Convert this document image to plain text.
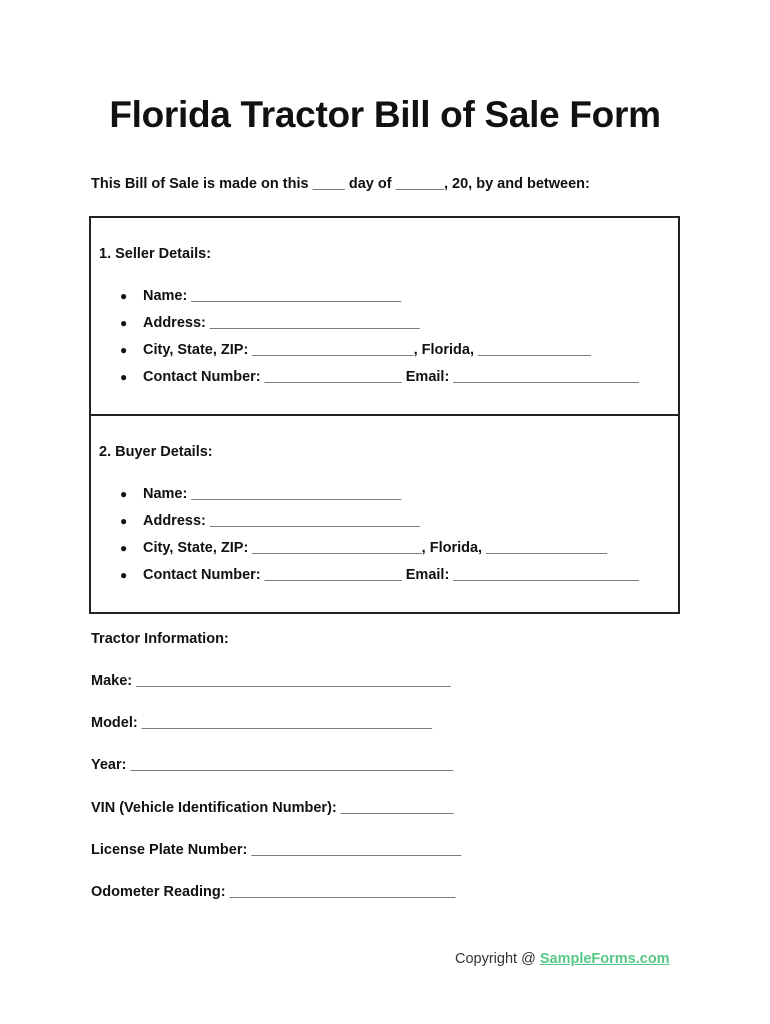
Florida Tractor Bill of Sale Form

This Bill of Sale is made on this ____ day of ______, 20, by and between:

1. Seller Details:

● Name: __________________________
● Address: __________________________
● City, State, ZIP: ____________________, Florida, ______________
● Contact Number: _________________ Email: _______________________

2. Buyer Details:

● Name: __________________________
● Address: __________________________
● City, State, ZIP: _____________________, Florida, _______________
● Contact Number: _________________ Email: _______________________

Tractor Information:

Make: _______________________________________

Model: ____________________________________

Year: ________________________________________

VIN (Vehicle Identification Number): ______________

License Plate Number: __________________________

Odometer Reading: ____________________________

Copyright @ SampleForms.com
